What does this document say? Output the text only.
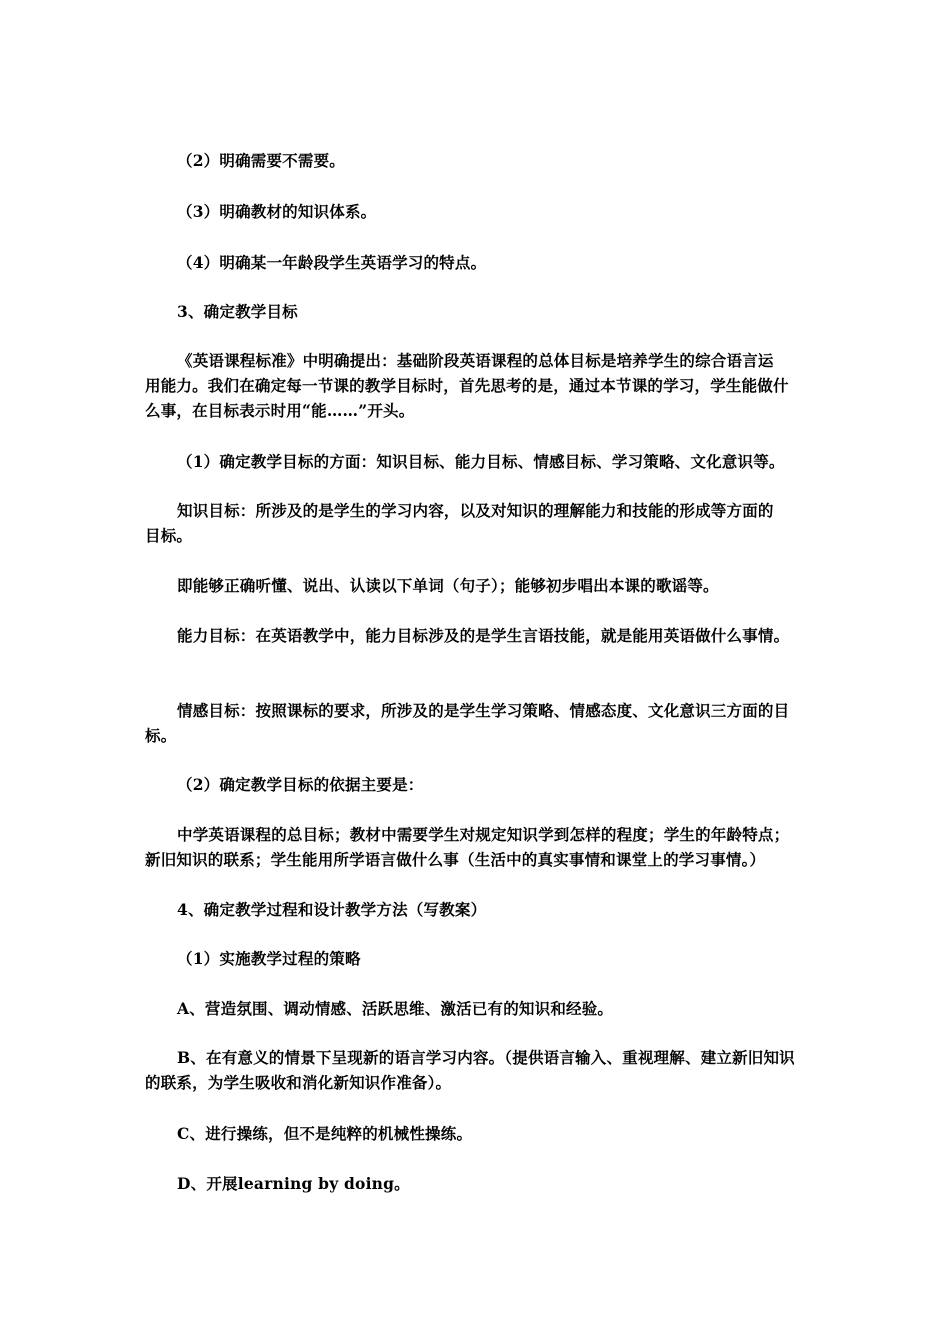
（2）明确需要不需要。
（3）明确教材的知识体系。
（4）明确某一年龄段学生英语学习的特点。
3、确定教学目标
《英语课程标准》中明确提出：基础阶段英语课程的总体目标是培养学生的综合语言运
用能力。我们在确定每一节课的教学目标时，首先思考的是，通过本节课的学习，学生能做什
么事，在目标表示时用“能……”开头。
（1）确定教学目标的方面：知识目标、能力目标、情感目标、学习策略、文化意识等。
知识目标：所涉及的是学生的学习内容，以及对知识的理解能力和技能的形成等方面的
目标。
即能够正确听懂、说出、认读以下单词（句子）；能够初步唱出本课的歌谣等。
能力目标：在英语教学中，能力目标涉及的是学生言语技能，就是能用英语做什么事情。
情感目标：按照课标的要求，所涉及的是学生学习策略、情感态度、文化意识三方面的目
标。
（2）确定教学目标的依据主要是：
中学英语课程的总目标；教材中需要学生对规定知识学到怎样的程度；学生的年龄特点；
新旧知识的联系；学生能用所学语言做什么事（生活中的真实事情和课堂上的学习事情。）
4、确定教学过程和设计教学方法（写教案）
（1）实施教学过程的策略
A、营造氛围、调动情感、活跃思维、激活已有的知识和经验。
B、在有意义的情景下呈现新的语言学习内容。（提供语言输入、重视理解、建立新旧知识
的联系，为学生吸收和消化新知识作准备）。
C、进行操练，但不是纯粹的机械性操练。
D、开展learning by doing。
